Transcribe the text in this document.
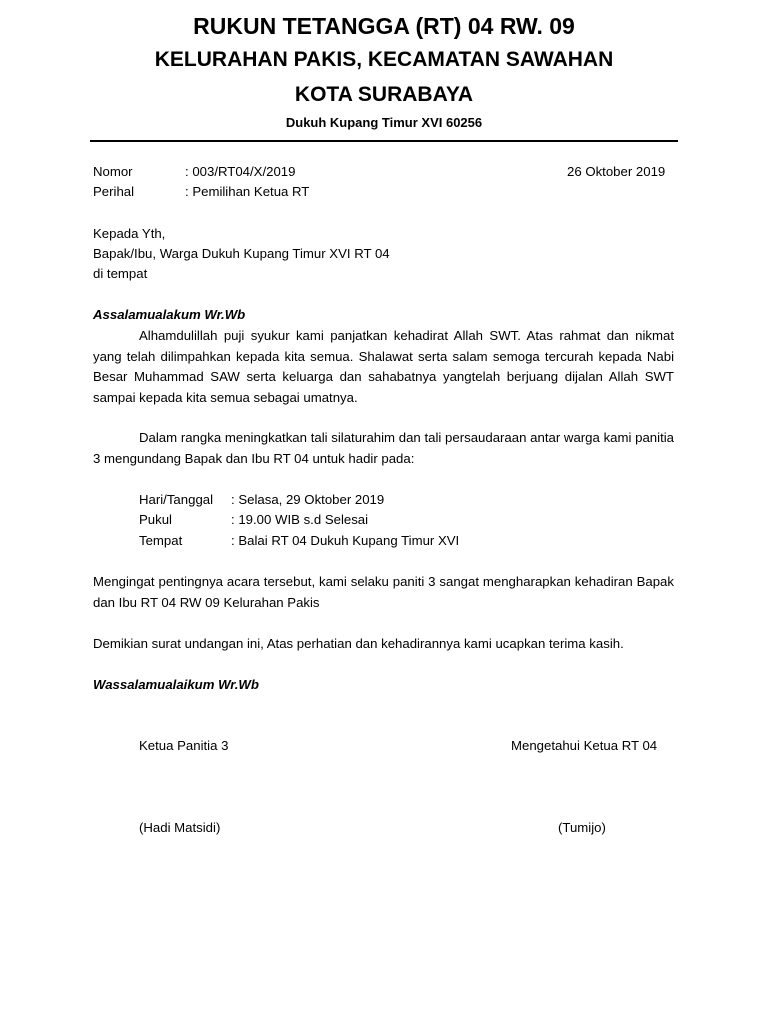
RUKUN TETANGGA (RT) 04 RW. 09
KELURAHAN PAKIS, KECAMATAN SAWAHAN
KOTA SURABAYA
Dukuh Kupang Timur XVI 60256
Nomor	: 003/RT04/X/2019	26 Oktober 2019
Perihal	: Pemilihan Ketua RT
Kepada Yth,
Bapak/Ibu, Warga Dukuh Kupang Timur XVI RT 04
di tempat
Assalamualakum Wr.Wb
Alhamdulillah puji syukur kami panjatkan kehadirat Allah SWT. Atas rahmat dan nikmat yang telah dilimpahkan kepada kita semua. Shalawat serta salam semoga tercurah kepada Nabi Besar Muhammad SAW serta keluarga dan sahabatnya yangtelah berjuang dijalan Allah SWT sampai kepada kita semua sebagai umatnya.
Dalam rangka meningkatkan tali silaturahim dan tali persaudaraan antar warga kami panitia 3 mengundang Bapak dan Ibu RT 04 untuk hadir pada:
Hari/Tanggal : Selasa, 29 Oktober 2019
Pukul	: 19.00 WIB s.d Selesai
Tempat	: Balai RT 04 Dukuh Kupang Timur XVI
Mengingat pentingnya acara tersebut, kami selaku paniti 3 sangat mengharapkan kehadiran Bapak dan Ibu RT 04 RW 09 Kelurahan Pakis
Demikian surat undangan ini, Atas perhatian dan kehadirannya kami ucapkan terima kasih.
Wassalamualaikum Wr.Wb
Ketua Panitia 3	Mengetahui Ketua RT 04
(Hadi Matsidi)	(Tumijo)
